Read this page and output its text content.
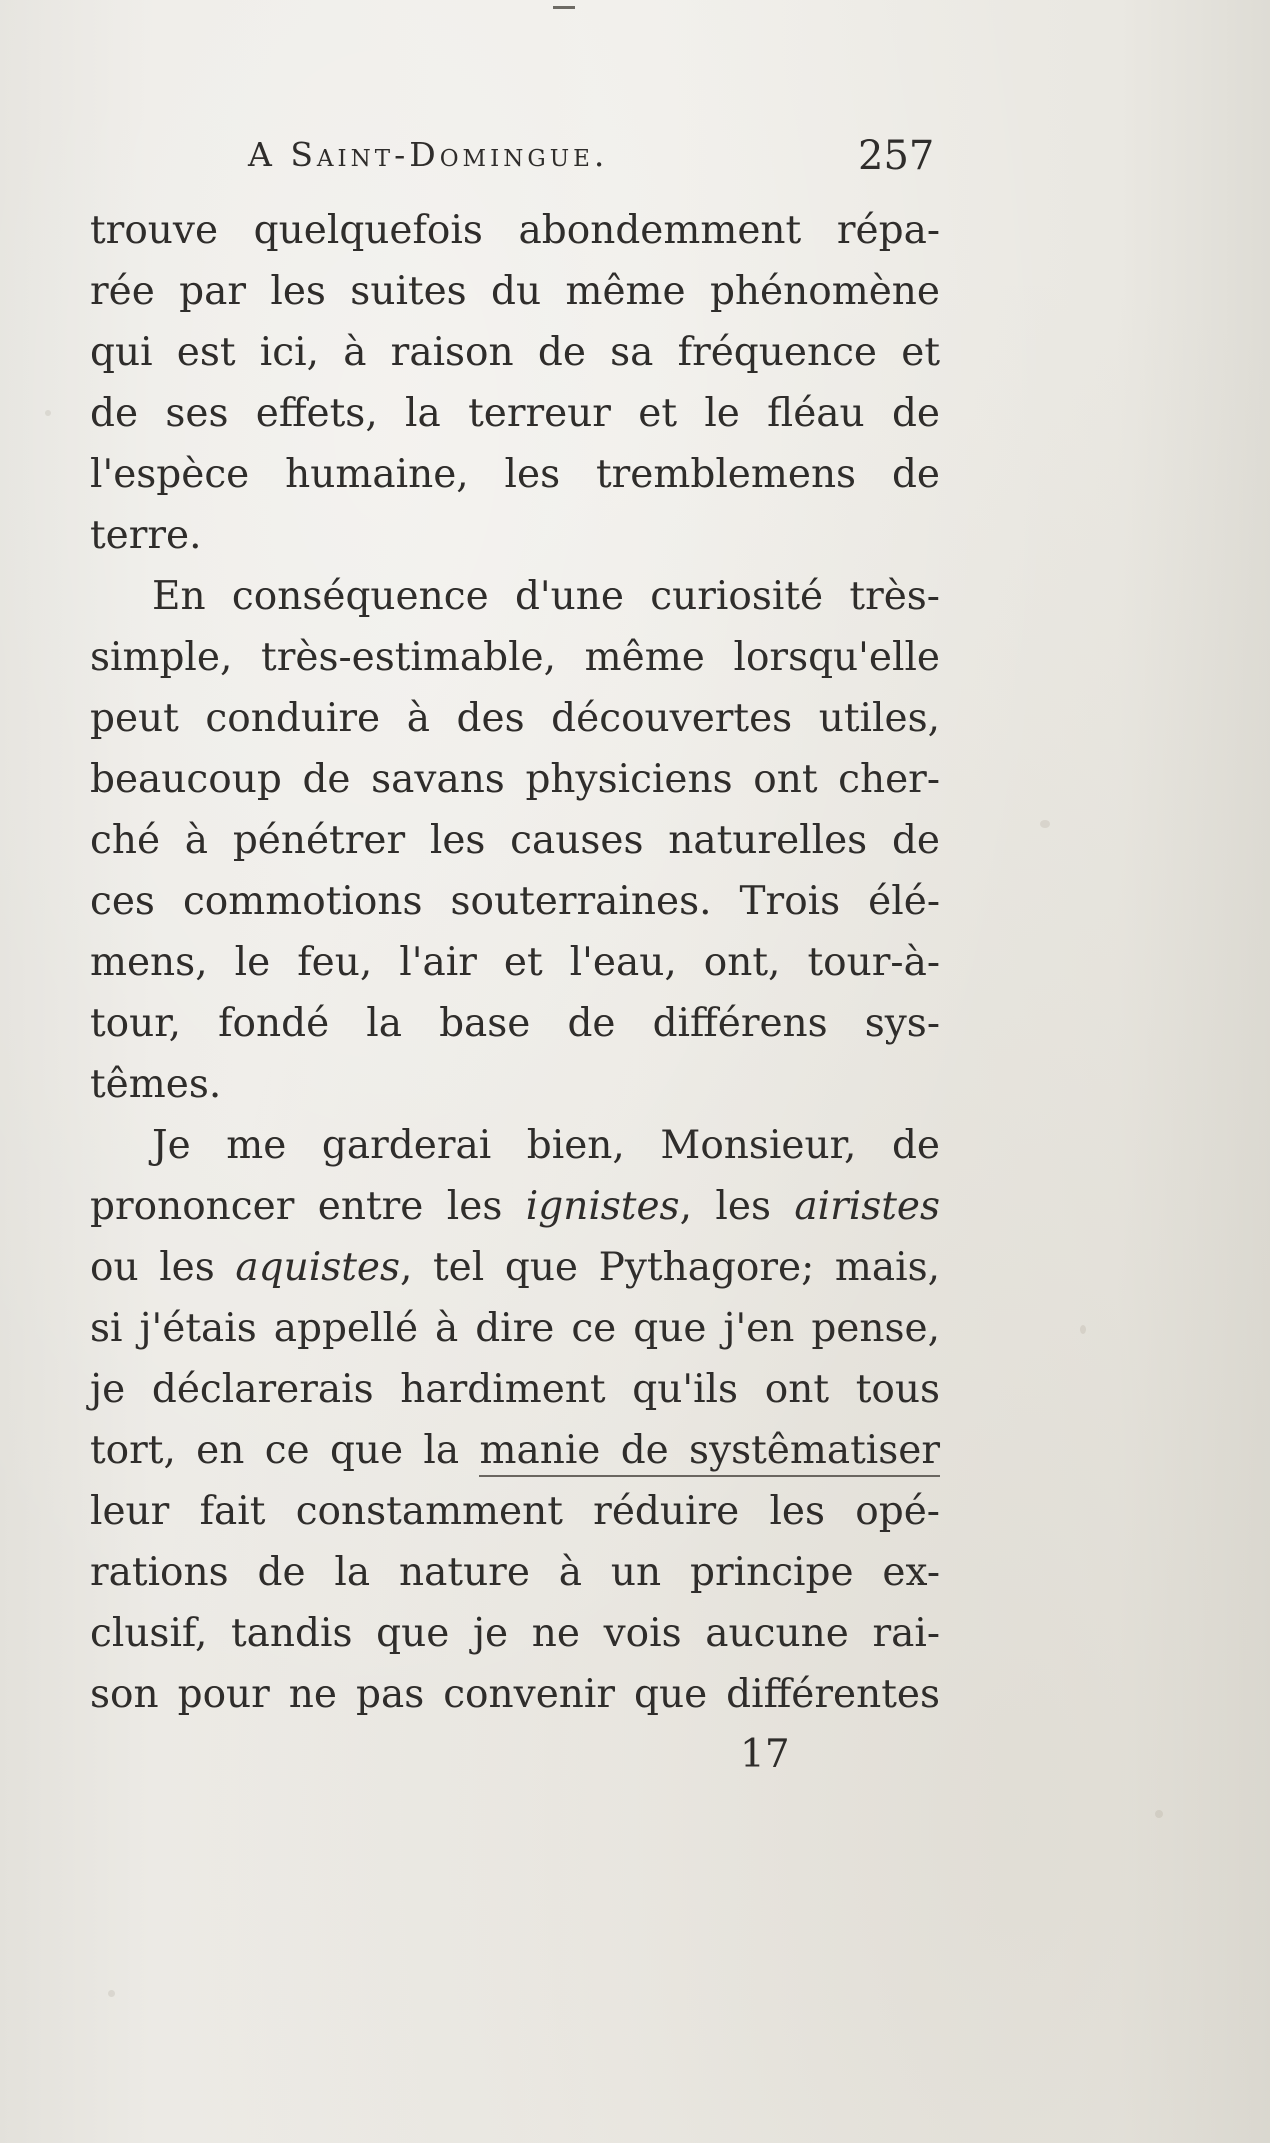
A Saint-Domingue.	257
trouve quelquefois abondemment répa-
rée par les suites du même phénomène
qui est ici, à raison de sa fréquence et
de ses effets, la terreur et le fléau de
l'espèce humaine, les tremblemens de
terre.
En conséquence d'une curiosité très-
simple, très-estimable, même lorsqu'elle
peut conduire à des découvertes utiles,
beaucoup de savans physiciens ont cher-
ché à pénétrer les causes naturelles de
ces commotions souterraines. Trois élé-
mens, le feu, l'air et l'eau, ont, tour-à-
tour, fondé la base de différens sys-
têmes.
Je me garderai bien, Monsieur, de
prononcer entre les ignistes, les airistes
ou les aquistes, tel que Pythagore; mais,
si j'étais appellé à dire ce que j'en pense,
je déclarerais hardiment qu'ils ont tous
tort, en ce que la manie de systêmatiser
leur fait constamment réduire les opé-
rations de la nature à un principe ex-
clusif, tandis que je ne vois aucune rai-
son pour ne pas convenir que différentes
17
